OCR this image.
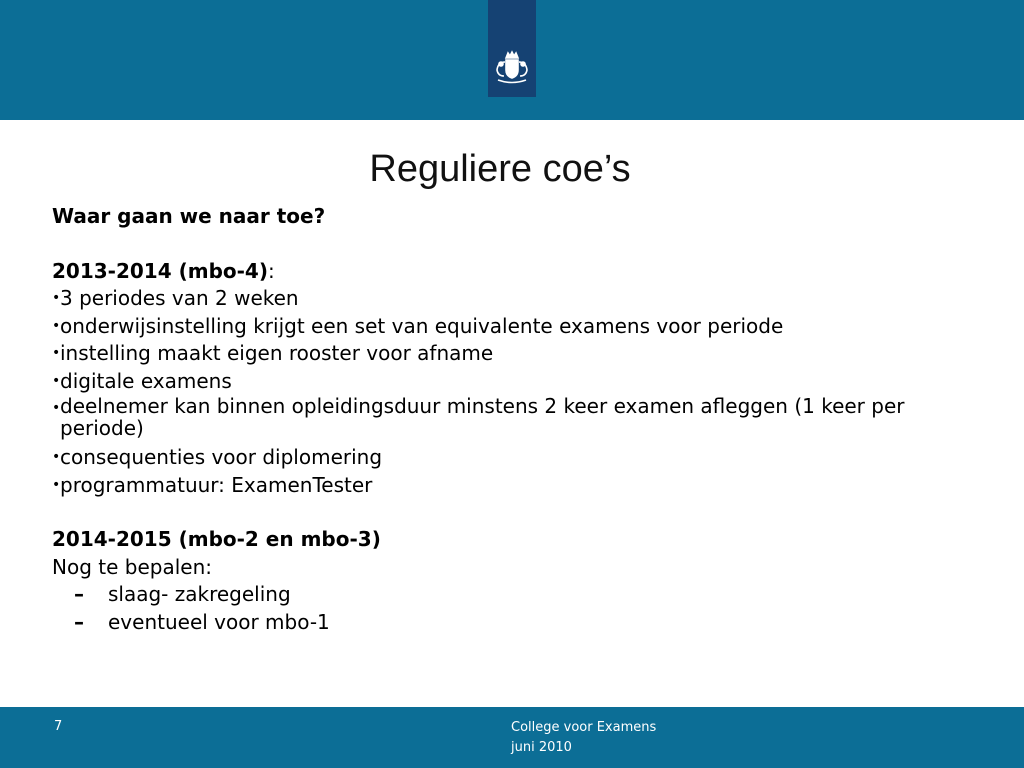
Reguliere coe’s
Waar gaan we naar toe?
2013-2014 (mbo-4):
• 3 periodes van 2 weken
• onderwijsinstelling krijgt een set van equivalente examens voor periode
• instelling maakt eigen rooster voor afname
• digitale examens
• deelnemer kan binnen opleidingsduur minstens 2 keer examen afleggen (1 keer per periode)
• consequenties voor diplomering
• programmatuur: ExamenTester
2014-2015 (mbo-2 en mbo-3)
Nog te bepalen:
–	slaag- zakregeling
–	eventueel voor mbo-1
7	College voor Examens
juni 2010
